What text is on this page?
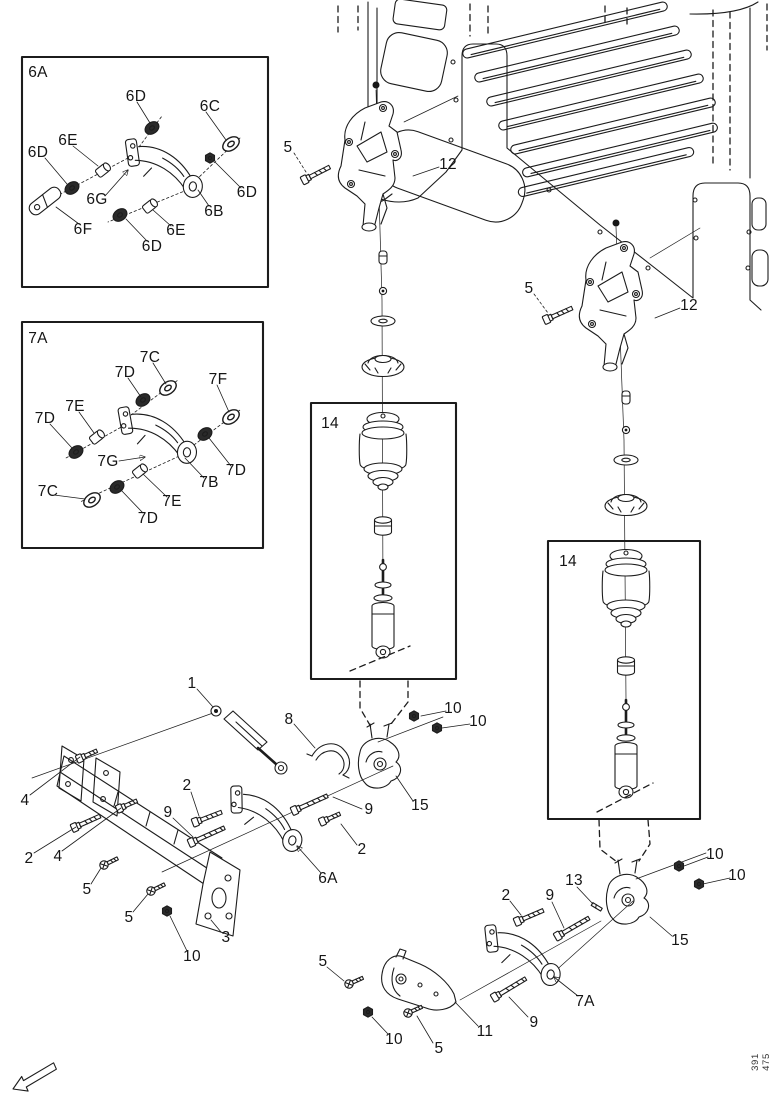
6A
6D
6C
6E
6D
6G	6D
6B
6F	6E
6D
7A
7C
7D	7F
7E
7D
7G
7D
7B
7C
7E
7D
5
12
5
12
14
14
1
8
10
10
2
9	9 15
2
6A
4
2 4
5
5
3
10
13
10
10
2 9
15
7A
9
11
5
10
5
391 475
